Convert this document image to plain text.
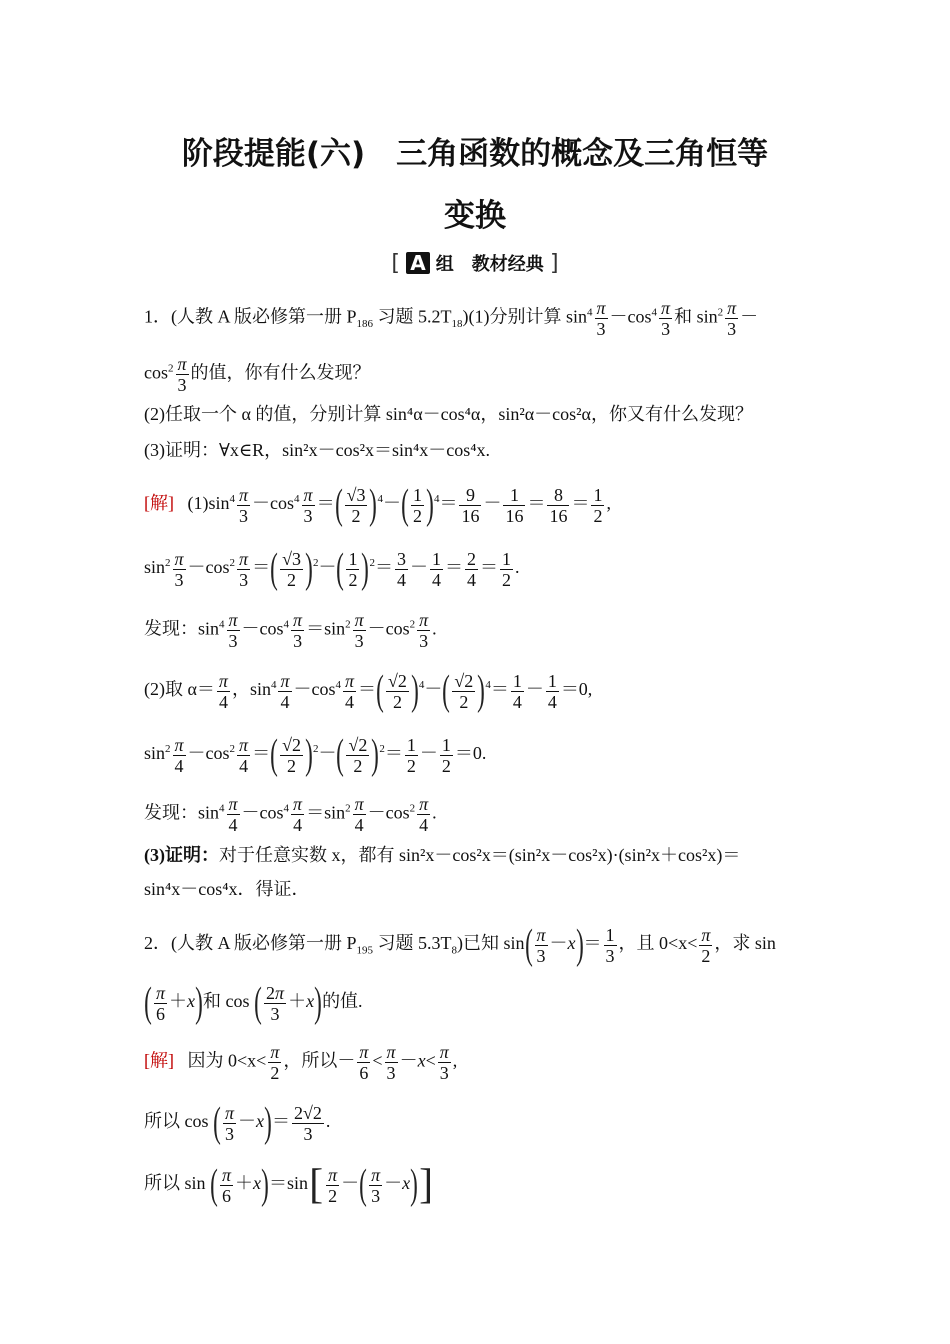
阶段提能(六)　三角函数的概念及三角恒等
变换
[ A 组　教材经典 ]
1．(人教 A 版必修第一册 $P_{186}$ 习题 $5.2T_{18})(1)$分别计算 $\sin^4 \frac{\pi}{3} -\cos^4 \frac{\pi}{3}$ 和 $\sin^2 \frac{\pi}{3}$ －
$\cos^2 \frac{\pi}{3}$ 的值，你有什么发现？
(2)任取一个 α 的值，分别计算 sin⁴α－cos⁴α，sin²α－cos²α，你又有什么发现？
(3)证明：∀x∈R，sin²x－cos²x＝sin⁴x－cos⁴x.
[解] $(1)\sin^4 \frac{\pi}{3} -\cos^4 \frac{\pi}{3}$ ＝( $\frac{√3}{2} )^4-( \frac{1}{2} )^4= \frac{9}{16} - \frac{1}{16} = \frac{8}{16} = \frac{1}{2}$ ,
$\sin^2 \frac{\pi}{3} -\cos^2 \frac{\pi}{3}$ ＝( $\frac{√3}{2} )^2-( \frac{1}{2} )^2= \frac{3}{4} - \frac{1}{4} = \frac{2}{4} = \frac{1}{2}$ .
发现：$\sin^4 \frac{\pi}{3} -\cos^4 \frac{\pi}{3} =\sin^2 \frac{\pi}{3} -\cos^2 \frac{\pi}{3}$ .
(2)取 $\alpha= \frac{\pi}{4}$ ，$\sin^4 \frac{\pi}{4} -\cos^4 \frac{\pi}{4}$ ＝( $\frac{√2}{2} )^4-( \frac{√2}{2} )^4= \frac{1}{4} - \frac{1}{4} =0$,
$\sin^2 \frac{\pi}{4} -\cos^2 \frac{\pi}{4}$ ＝( $\frac{√2}{2} )^2-( \frac{√2}{2} )^2= \frac{1}{2} - \frac{1}{2} =0$.
发现：$\sin^4 \frac{\pi}{4} -\cos^4 \frac{\pi}{4} =\sin^2 \frac{\pi}{4} -\cos^2 \frac{\pi}{4}$ .
(3)证明：对于任意实数 x，都有 sin²x－cos²x＝(sin²x－cos²x)·(sin²x＋cos²x)＝
sin⁴x－cos⁴x．得证．
2．(人教 A 版必修第一册 $P_{195}$ 习题 $5.3T_8$)已知 $\sin( \frac{\pi}{3} -x)= \frac{1}{3}$ ，且 $0<x< \frac{\pi}{2}$ ，求 sin
( $\frac{\pi}{6} +x$)和 cos ( $\frac{2\pi}{3} +x$)的值.
[解] 因为 $0<x< \frac{\pi}{2}$ ，所以－ $\frac{\pi}{6} < \frac{\pi}{3} -x< \frac{\pi}{3}$ ,
所以 cos ( $\frac{\pi}{3} -x)= \frac{2√2}{3}$ .
所以 sin ( $\frac{\pi}{6} +x)=\sin[ \frac{\pi}{2}$ －( $\frac{\pi}{3} -x$)]
